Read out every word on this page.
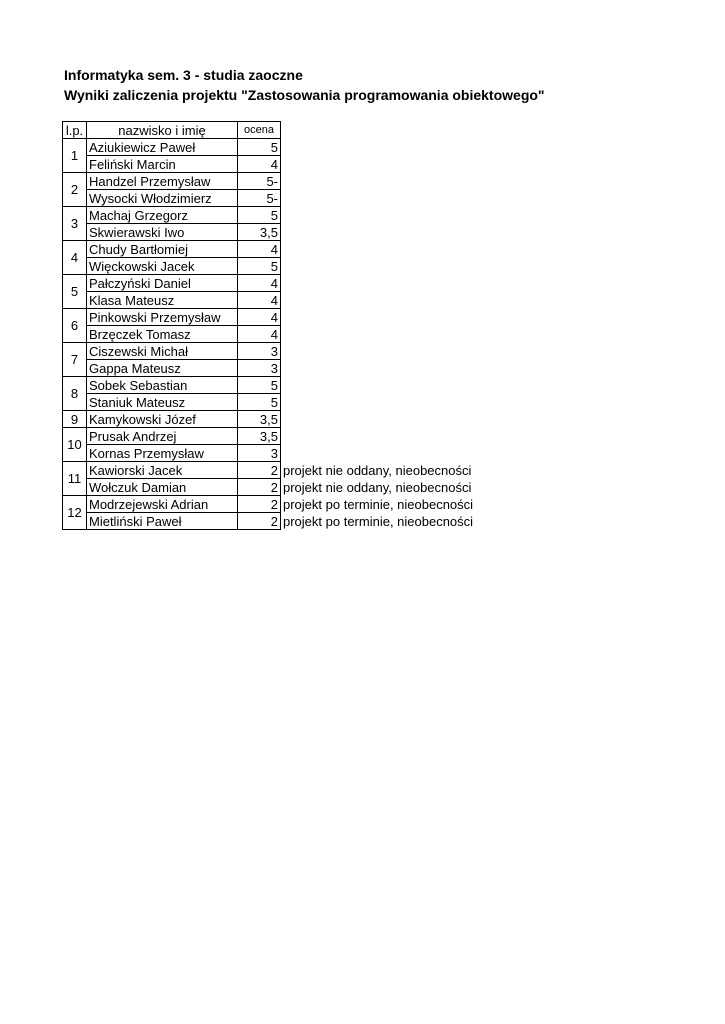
Informatyka sem. 3 - studia zaoczne
Wyniki zaliczenia projektu "Zastosowania programowania obiektowego"
l.p.	nazwisko i imię	ocena	
1	Aziukiewicz Paweł	5	
	Feliński Marcin	4	
2	Handzel Przemysław	5-	
	Wysocki Włodzimierz	5-	
3	Machaj Grzegorz	5	
	Skwierawski Iwo	3,5	
4	Chudy Bartłomiej	4	
	Więckowski Jacek	5	
5	Pałczyński Daniel	4	
	Klasa Mateusz	4	
6	Pinkowski Przemysław	4	
	Brzęczek Tomasz	4	
7	Ciszewski Michał	3	
	Gappa Mateusz	3	
8	Sobek Sebastian	5	
	Staniuk Mateusz	5	
9	Kamykowski Józef	3,5	
10	Prusak Andrzej	3,5	
	Kornas Przemysław	3	
11	Kawiorski Jacek	2	projekt nie oddany, nieobecności
	Wołczuk Damian	2	projekt nie oddany, nieobecności
12	Modrzejewski Adrian	2	projekt po terminie, nieobecności
	Mietliński Paweł	2	projekt po terminie, nieobecności
